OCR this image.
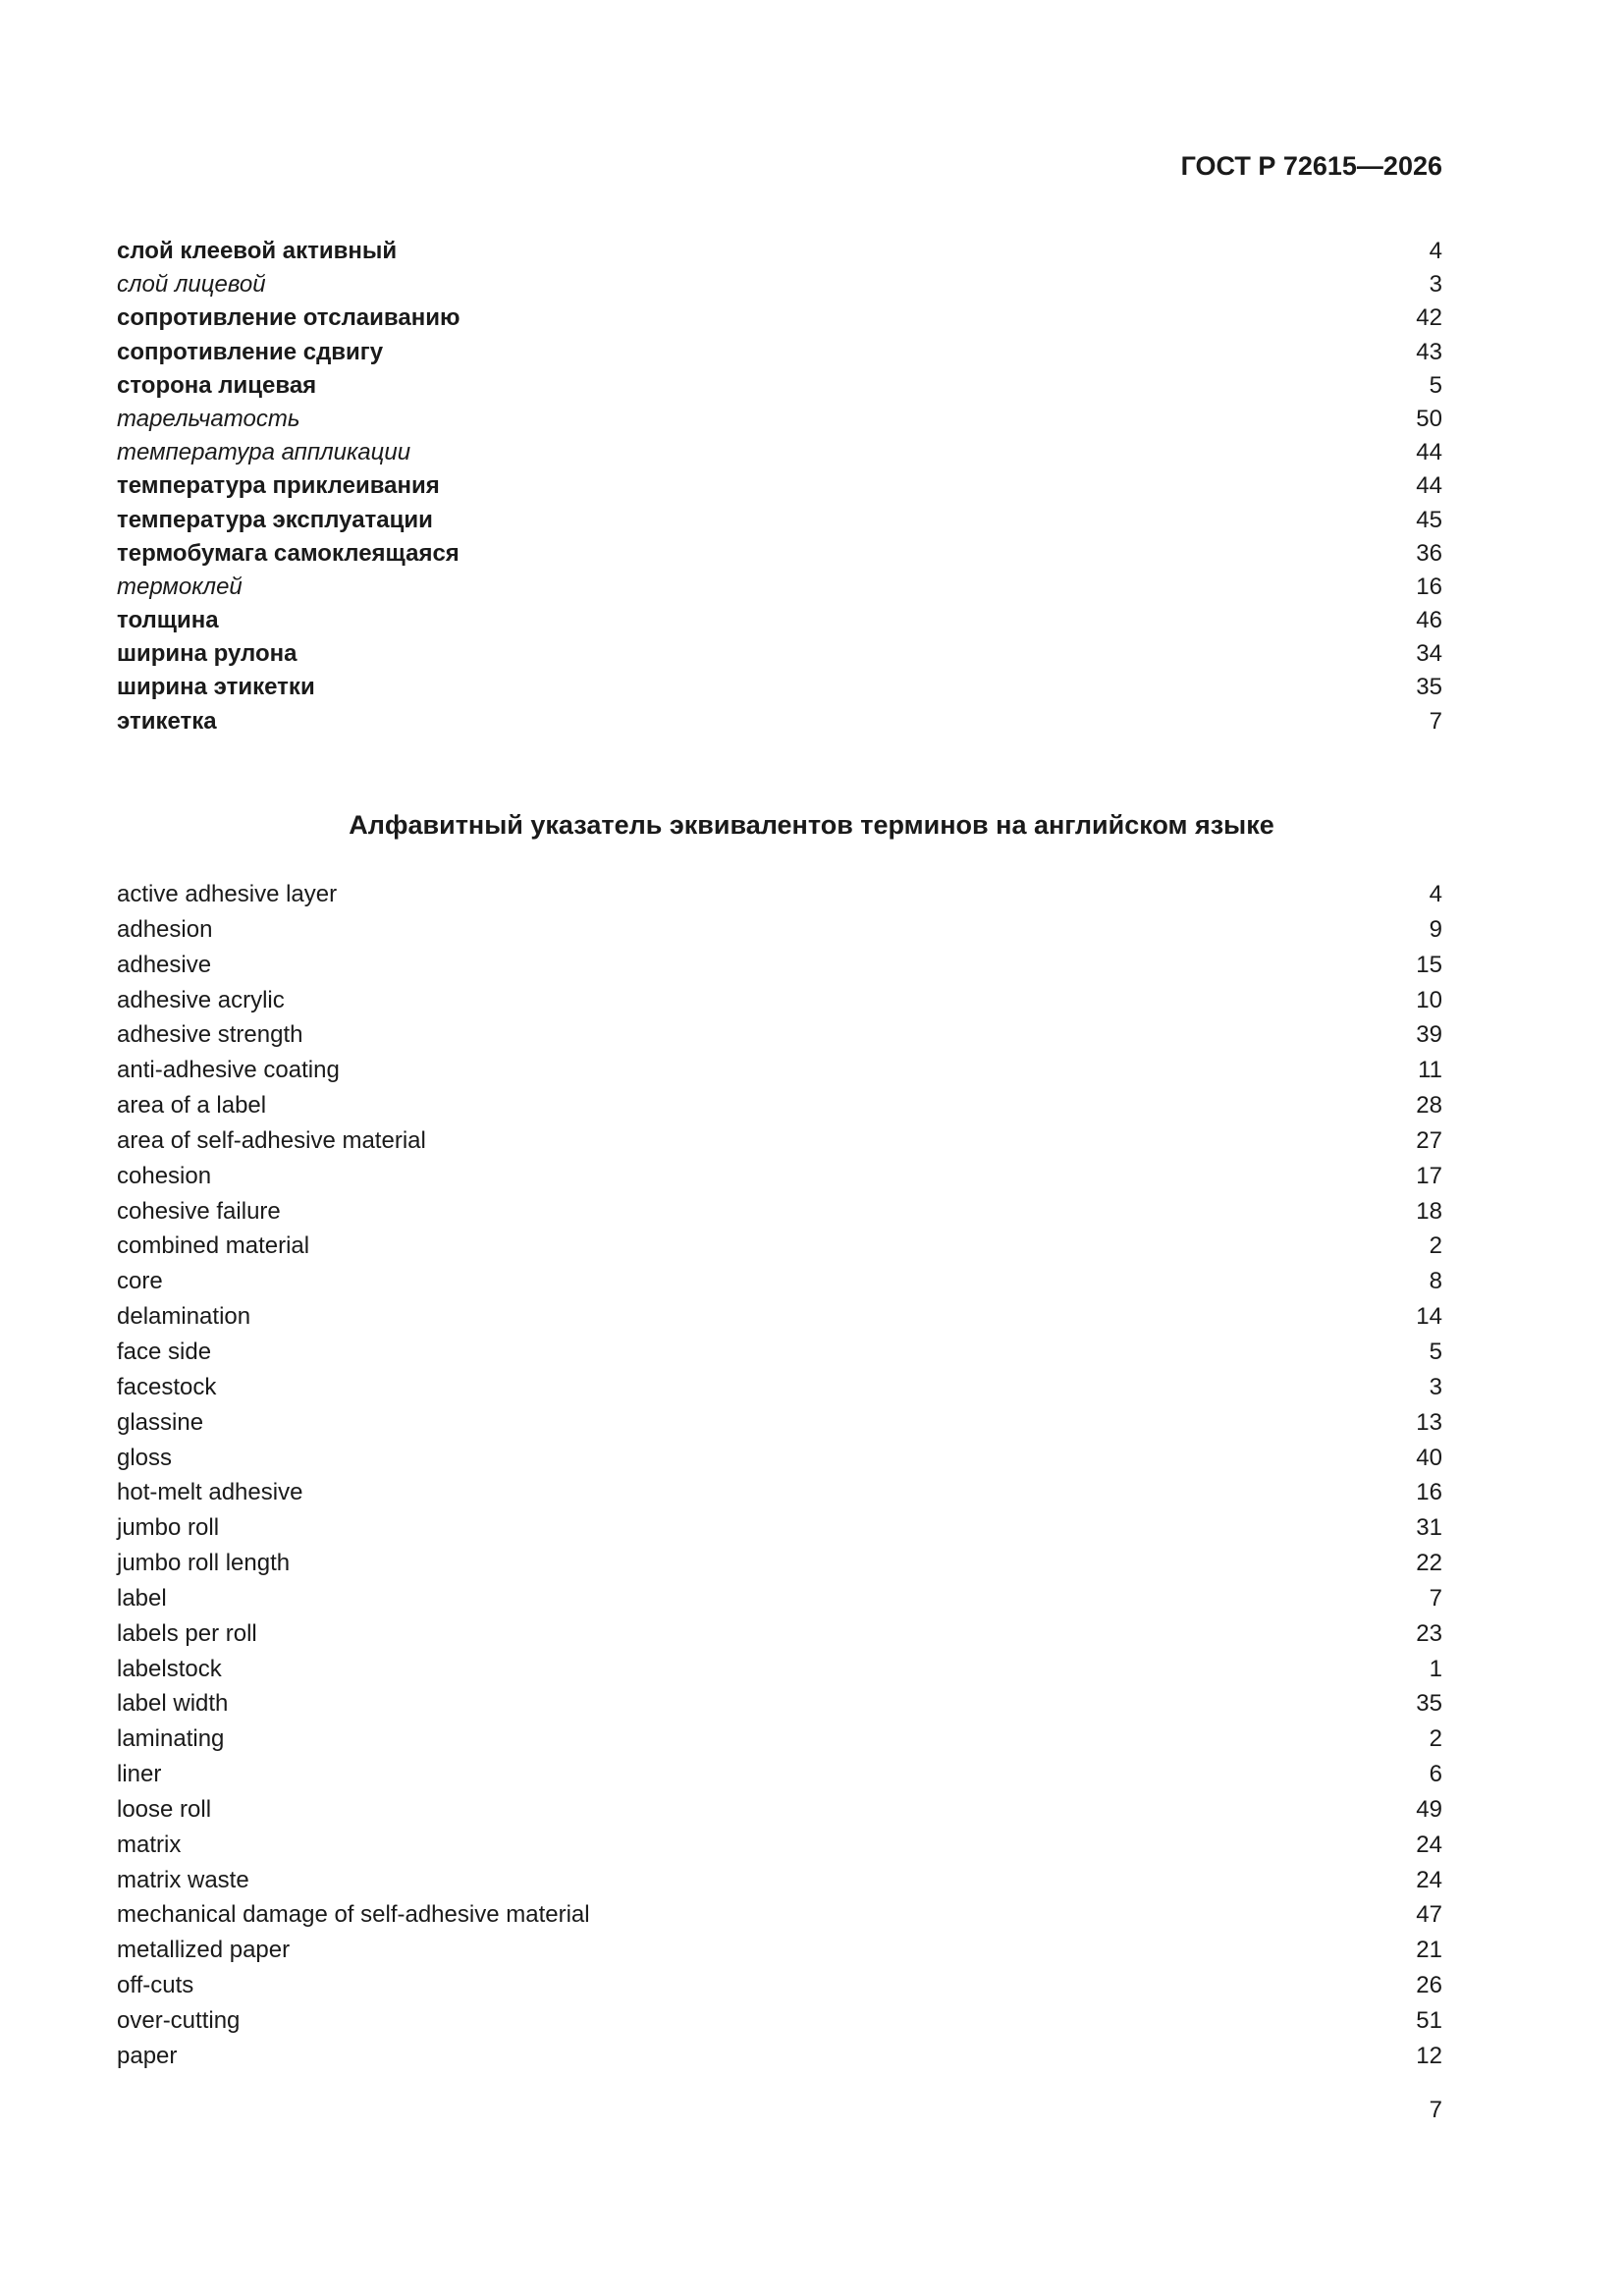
ГОСТ Р 72615—2026
слой клеевой активный	4
слой лицевой	3
сопротивление отслаиванию	42
сопротивление сдвигу	43
сторона лицевая	5
тарельчатость	50
температура аппликации	44
температура приклеивания	44
температура эксплуатации	45
термобумага самоклеящаяся	36
термоклей	16
толщина	46
ширина рулона	34
ширина этикетки	35
этикетка	7
Алфавитный указатель эквивалентов терминов на английском языке
active adhesive layer	4
adhesion	9
adhesive	15
adhesive acrylic	10
adhesive strength	39
anti-adhesive coating	11
area of a label	28
area of self-adhesive material	27
cohesion	17
cohesive failure	18
combined material	2
core	8
delamination	14
face side	5
facestock	3
glassine	13
gloss	40
hot-melt adhesive	16
jumbo roll	31
jumbo roll length	22
label	7
labels per roll	23
labelstock	1
label width	35
laminating	2
liner	6
loose roll	49
matrix	24
matrix waste	24
mechanical damage of self-adhesive material	47
metallized paper	21
off-cuts	26
over-cutting	51
paper	12
7
